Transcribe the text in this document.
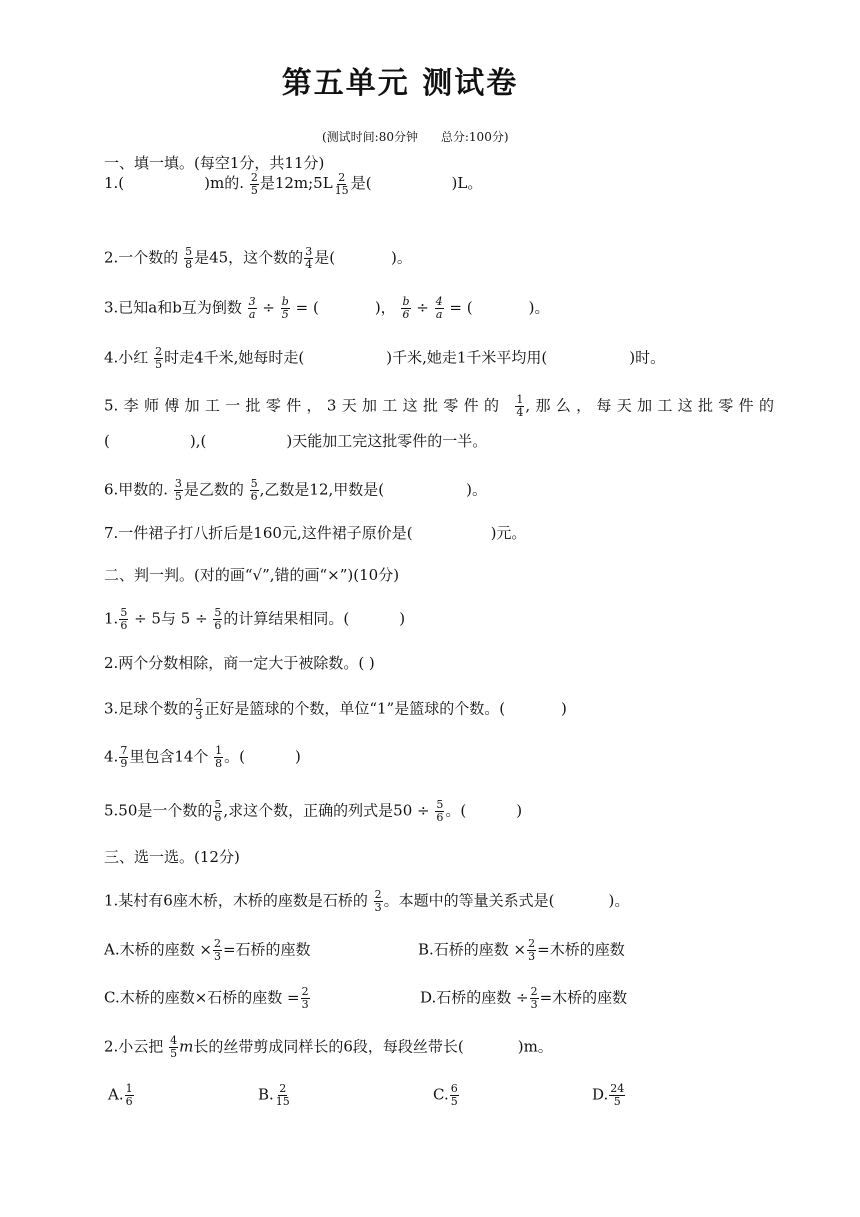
第五单元 测试卷
(测试时间:80分钟      总分:100分)
一、填一填。(每空1分，共11分)
1.(	)m的. $\frac{2}{5}$ 是12m;5L $\frac{2}{15}$ 是(	)L。
2.一个数的 $\frac{5}{8}$ 是45，这个数的 $\frac{3}{4}$ 是(	)。
3.已知a和b互为倒数 $\frac{3}{a} \div \frac{b}{5}$ = (	)， $\frac{b}{6} \div \frac{4}{a}$ = (	)。
4.小红 $\frac{2}{5}$ 时走4千米,她每时走(	)千米,她走1千米平均用(	)时。
5.李师傅加工一批零件，3天加工这批零件的 $\frac{1}{4}$ ,那么，每天加工这批零件的
(	),(	)天能加工完这批零件的一半。
6.甲数的. $\frac{3}{5}$ 是乙数的 $\frac{5}{6}$ ,乙数是12,甲数是(	)。
7.一件裙子打八折后是160元,这件裙子原价是(	)元。
二、判一判。(对的画“√”,错的画“×”)(10分)
1. $\frac{5}{6} \div 5$与 $5 \div \frac{5}{6}$ 的计算结果相同。(	)
2.两个分数相除，商一定大于被除数。( )
3.足球个数的 $\frac{2}{3}$ 正好是篮球的个数，单位“1”是篮球的个数。(	)
4. $\frac{7}{9}$ 里包含14个 $\frac{1}{8}$ 。(	)
5.50是一个数的 $\frac{5}{6}$ ,求这个数，正确的列式是$50 \div \frac{5}{6}$ 。(	)
三、选一选。(12分)
1.某村有6座木桥，木桥的座数是石桥的 $\frac{2}{3}$ 。本题中的等量关系式是(	)。
A.木桥的座数 × $\frac{2}{3}$ =石桥的座数	B.石桥的座数 × $\frac{2}{3}$ =木桥的座数
C.木桥的座数×石桥的座数 = $\frac{2}{3}$	D.石桥的座数 ÷ $\frac{2}{3}$ =木桥的座数
2.小云把 $\frac{4}{5}$ m长的丝带剪成同样长的6段，每段丝带长(	)m。
A. $\frac{1}{6}$	B. $\frac{2}{15}$	C. $\frac{6}{5}$	D. $\frac{24}{5}$
